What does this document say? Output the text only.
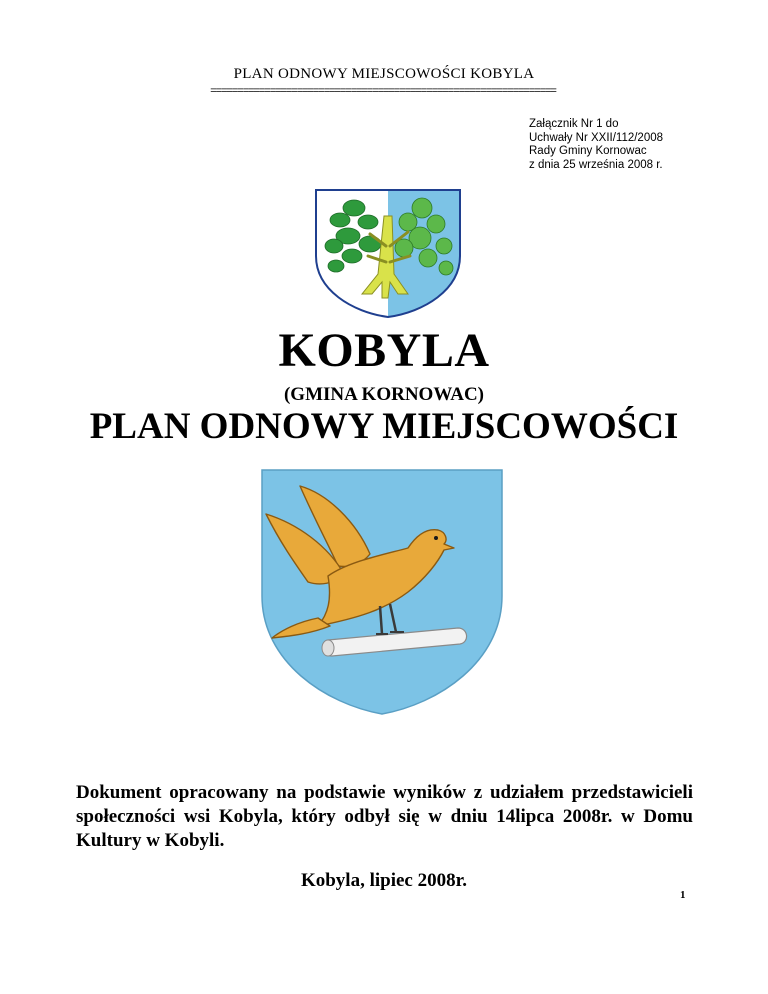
PLAN ODNOWY MIEJSCOWOŚCI KOBYLA
================================================================
Załącznik Nr 1 do
Uchwały Nr XXII/112/2008
Rady Gminy Kornowac
z dnia 25 września 2008 r.
KOBYLA
(GMINA KORNOWAC)
PLAN ODNOWY MIEJSCOWOŚCI
Dokument opracowany na podstawie wyników z udziałem przedstawicieli społeczności wsi Kobyla, który odbył się w dniu 14lipca 2008r. w Domu Kultury w Kobyli.
Kobyla, lipiec 2008r.
1
